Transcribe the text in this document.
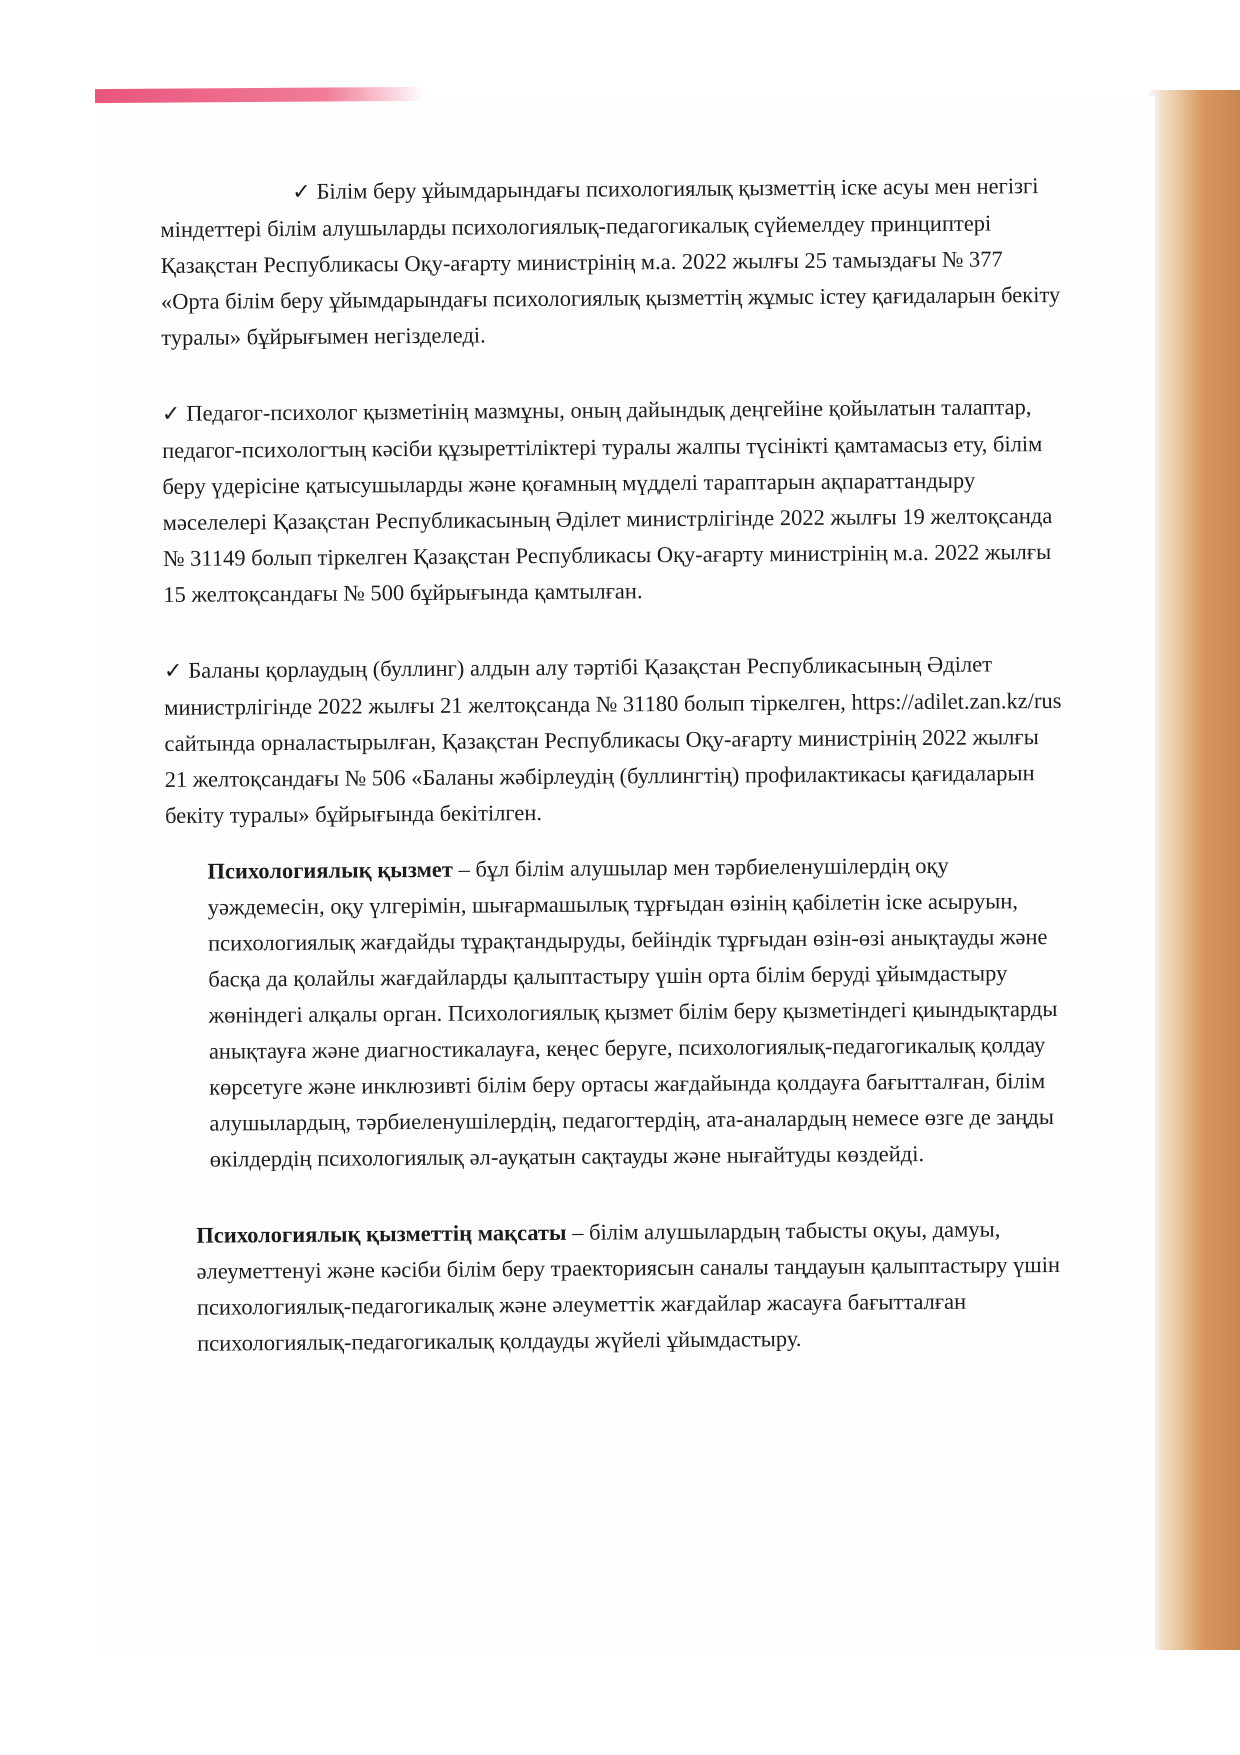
✓ Білім беру ұйымдарындағы психологиялық қызметтің іске асуы мен негізгі міндеттері білім алушыларды психологиялық-педагогикалық сүйемелдеу принциптері Қазақстан Республикасы Оқу-ағарту министрінің м.а. 2022 жылғы 25 тамыздағы № 377 «Орта білім беру ұйымдарындағы психологиялық қызметтің жұмыс істеу қағидаларын бекіту туралы» бұйрығымен негізделеді.

✓ Педагог-психолог қызметінің мазмұны, оның дайындық деңгейіне қойылатын талаптар, педагог-психологтың кәсіби құзыреттіліктері туралы жалпы түсінікті қамтамасыз ету, білім беру үдерісіне қатысушыларды және қоғамның мүдделі тараптарын ақпараттандыру мәселелері Қазақстан Республикасының Әділет министрлігінде 2022 жылғы 19 желтоқсанда № 31149 болып тіркелген Қазақстан Республикасы Оқу-ағарту министрінің м.а. 2022 жылғы 15 желтоқсандағы № 500 бұйрығында қамтылған.

✓ Баланы қорлаудың (буллинг) алдын алу тәртібі Қазақстан Республикасының Әділет министрлігінде 2022 жылғы 21 желтоқсанда № 31180 болып тіркелген, https://adilet.zan.kz/rus сайтында орналастырылған, Қазақстан Республикасы Оқу-ағарту министрінің 2022 жылғы 21 желтоқсандағы № 506 «Баланы жәбірлеудің (буллингтің) профилактикасы қағидаларын бекіту туралы» бұйрығында бекітілген.

Психологиялық қызмет – бұл білім алушылар мен тәрбиеленушілердің оқу уәждемесін, оқу үлгерімін, шығармашылық тұрғыдан өзінің қабілетін іске асыруын, психологиялық жағдайды тұрақтандыруды, бейіндік тұрғыдан өзін-өзі анықтауды және басқа да қолайлы жағдайларды қалыптастыру үшін орта білім беруді ұйымдастыру жөніндегі алқалы орган. Психологиялық қызмет білім беру қызметіндегі қиындықтарды анықтауға және диагностикалауға, кеңес беруге, психологиялық-педагогикалық қолдау көрсетуге және инклюзивті білім беру ортасы жағдайында қолдауға бағытталған, білім алушылардың, тәрбиеленушілердің, педагогтердің, ата-аналардың немесе өзге де заңды өкілдердің психологиялық әл-ауқатын сақтауды және нығайтуды көздейді.

Психологиялық қызметтің мақсаты – білім алушылардың табысты оқуы, дамуы, әлеуметтенуі және кәсіби білім беру траекториясын саналы таңдауын қалыптастыру үшін психологиялық-педагогикалық және әлеуметтік жағдайлар жасауға бағытталған психологиялық-педагогикалық қолдауды жүйелі ұйымдастыру.
